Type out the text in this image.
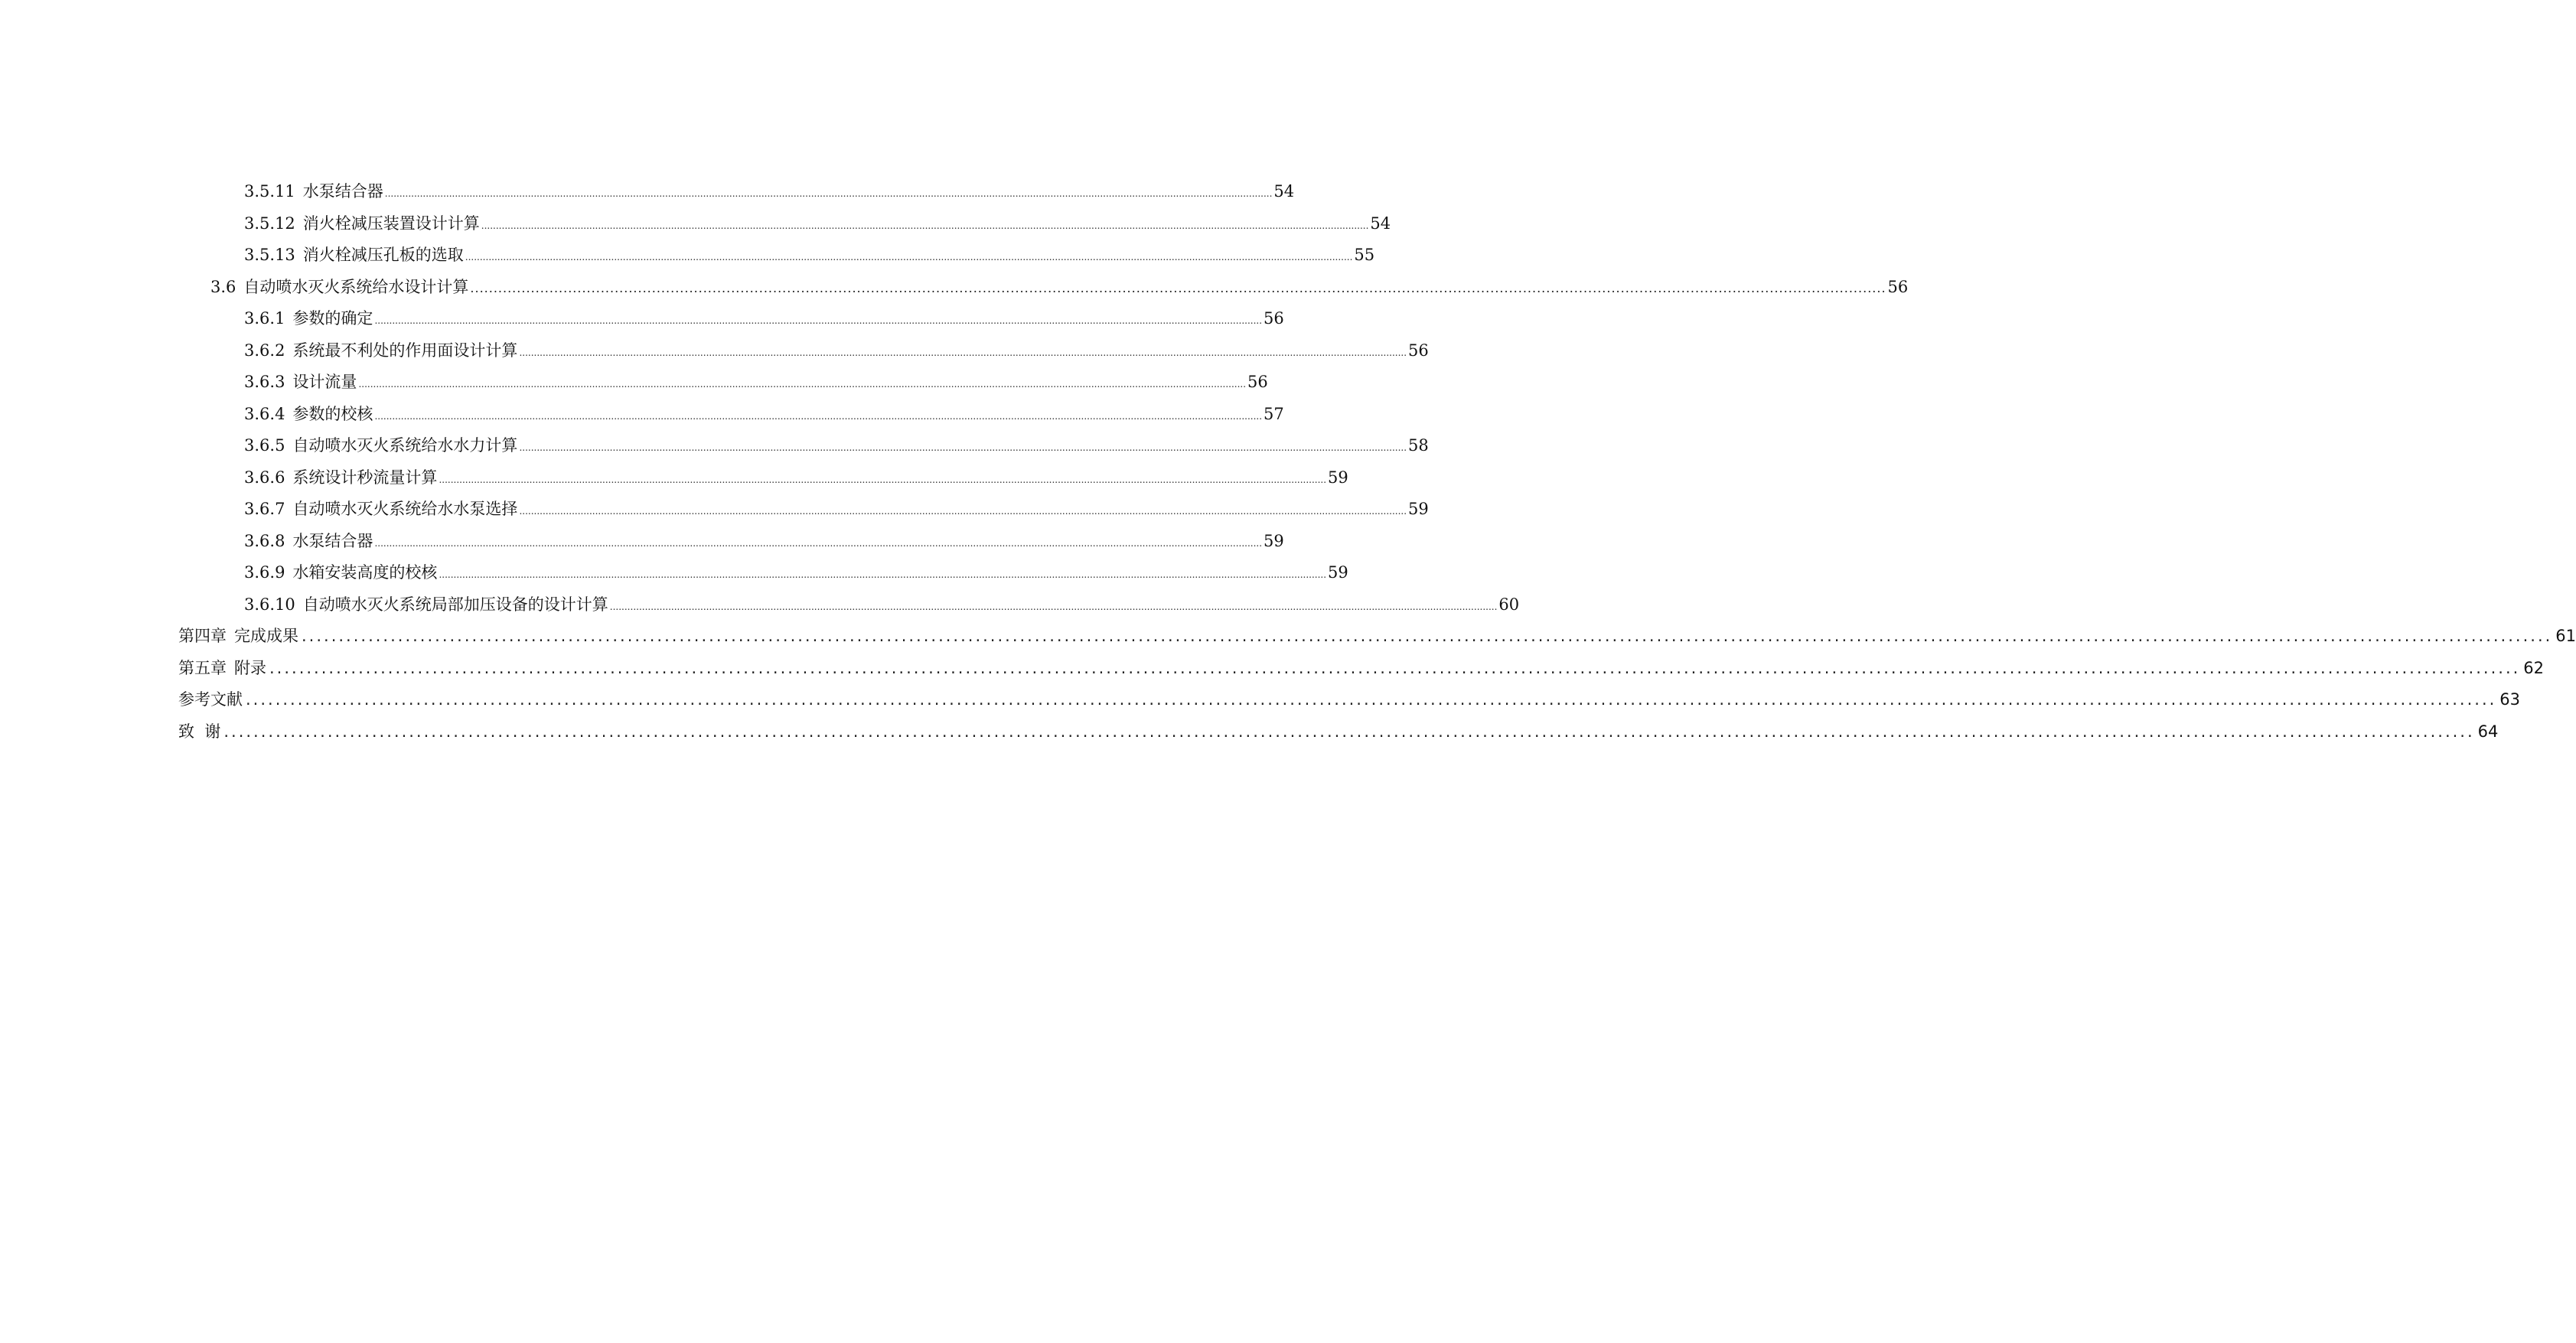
3.5.11 水泵结合器 ................................................................................................................................................................................................................................................................................................................ 54
3.5.12 消火栓减压装置设计计算 ................................................................................................................................................................................................................................................................................................................ 54
3.5.13 消火栓减压孔板的选取 ................................................................................................................................................................................................................................................................................................................ 55
3.6 自动喷水灭火系统给水设计计算 ................................................................................................................................................................................................................................................................................................................ 56
3.6.1 参数的确定 ................................................................................................................................................................................................................................................................................................................ 56
3.6.2 系统最不利处的作用面设计计算 ................................................................................................................................................................................................................................................................................................................ 56
3.6.3 设计流量 ................................................................................................................................................................................................................................................................................................................ 56
3.6.4 参数的校核 ................................................................................................................................................................................................................................................................................................................ 57
3.6.5 自动喷水灭火系统给水水力计算 ................................................................................................................................................................................................................................................................................................................ 58
3.6.6 系统设计秒流量计算 ................................................................................................................................................................................................................................................................................................................ 59
3.6.7 自动喷水灭火系统给水水泵选择 ................................................................................................................................................................................................................................................................................................................ 59
3.6.8 水泵结合器 ................................................................................................................................................................................................................................................................................................................ 59
3.6.9 水箱安装高度的校核 ................................................................................................................................................................................................................................................................................................................ 59
3.6.10 自动喷水灭火系统局部加压设备的设计计算 ................................................................................................................................................................................................................................................................................................................ 60
第四章 完成成果 ................................................................................................................................................................................................................................................................................................................ 61
第五章 附录 ................................................................................................................................................................................................................................................................................................................ 62
参考文献 ................................................................................................................................................................................................................................................................................................................ 63
致  谢 ................................................................................................................................................................................................................................................................................................................ 64
